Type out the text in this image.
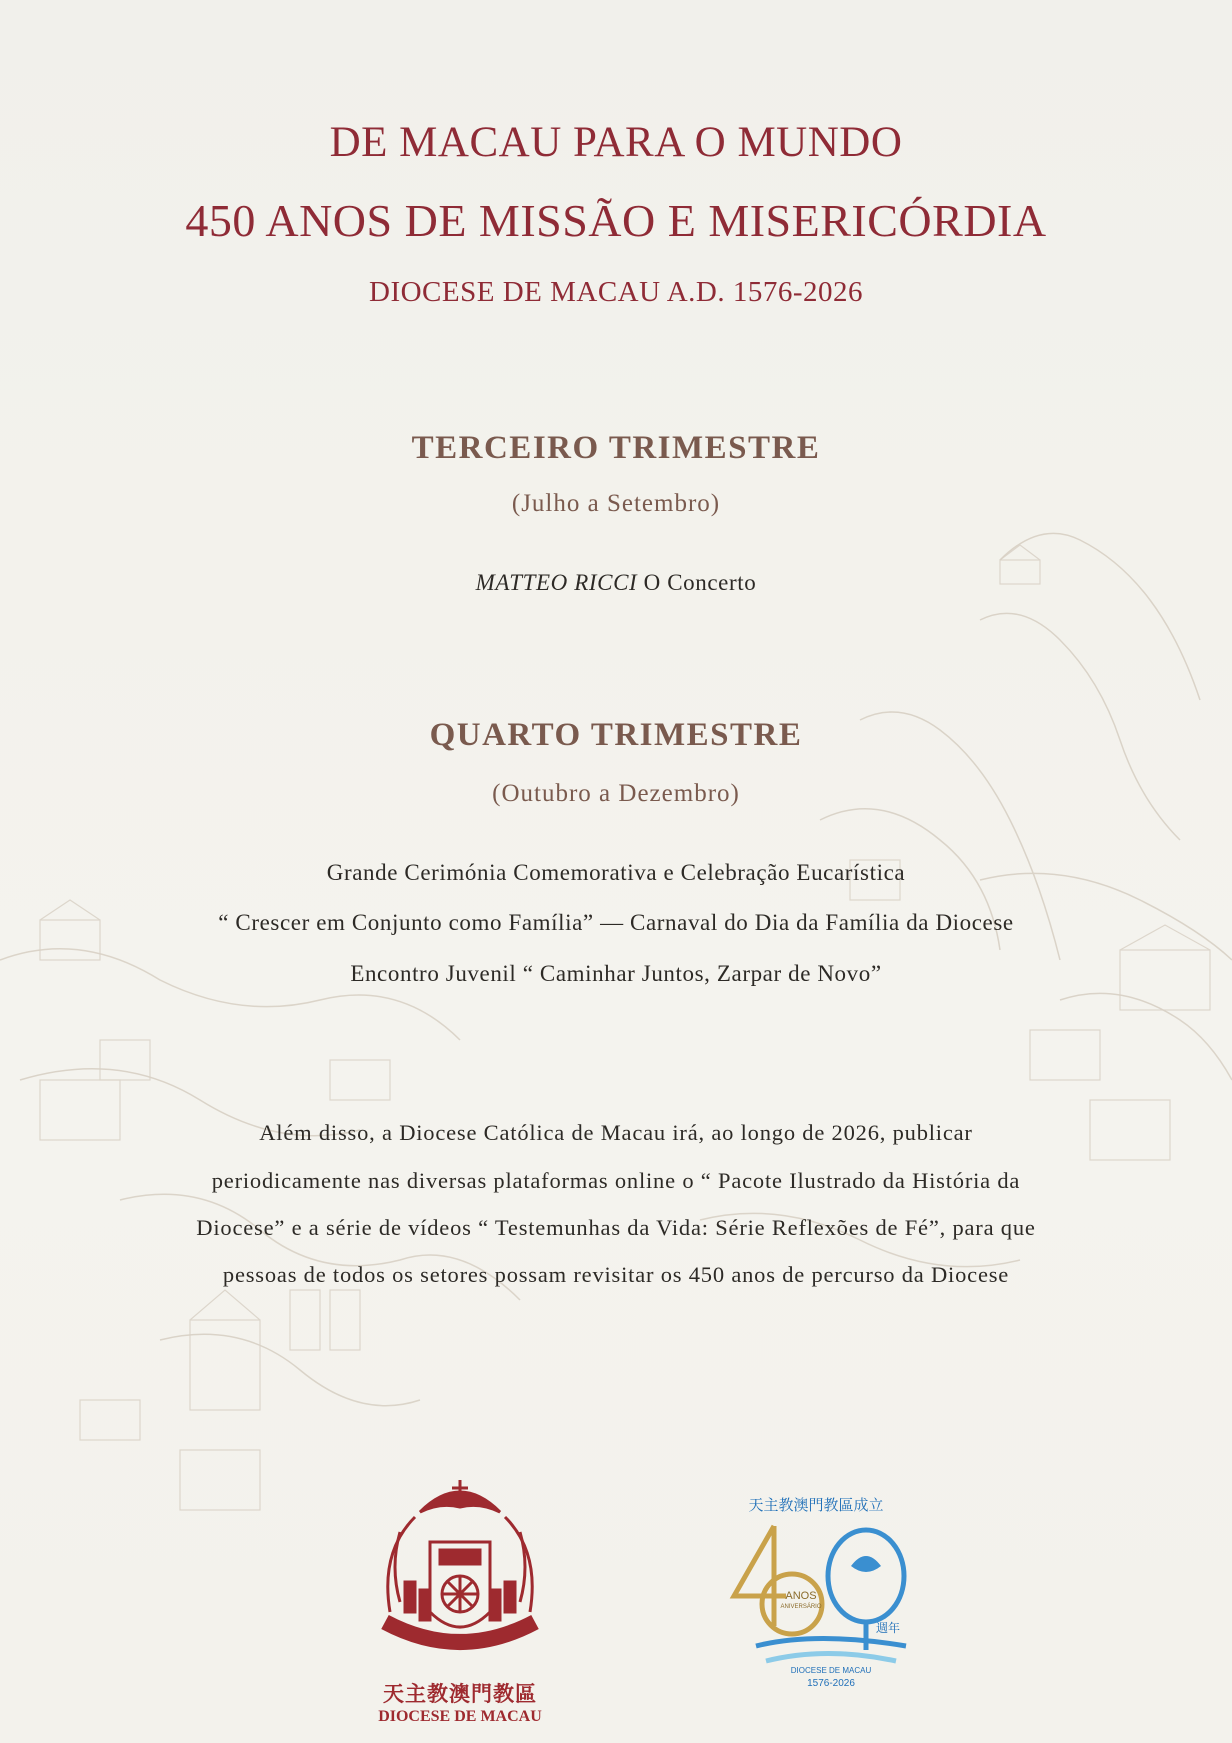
DE MACAU PARA O MUNDO
450 ANOS DE MISSÃO E MISERICÓRDIA
DIOCESE DE MACAU A.D. 1576-2026
TERCEIRO TRIMESTRE
(Julho a Setembro)
MATTEO RICCI O Concerto
QUARTO TRIMESTRE
(Outubro a Dezembro)
Grande Cerimónia Comemorativa e Celebração Eucarística
“ Crescer em Conjunto como Família” — Carnaval do Dia da Família da Diocese
Encontro Juvenil “ Caminhar Juntos, Zarpar de Novo”
Além disso, a Diocese Católica de Macau irá, ao longo de 2026, publicar
periodicamente nas diversas plataformas online o “ Pacote Ilustrado da História da
Diocese” e a série de vídeos “ Testemunhas da Vida: Série Reflexões de Fé”, para que
pessoas de todos os setores possam revisitar os 450 anos de percurso da Diocese
天主教澳門教區
DIOCESE DE MACAU
天主教澳門教區成立
ANOS
ANIVERSÁRIO
週年
DIOCESE DE MACAU
1576-2026
